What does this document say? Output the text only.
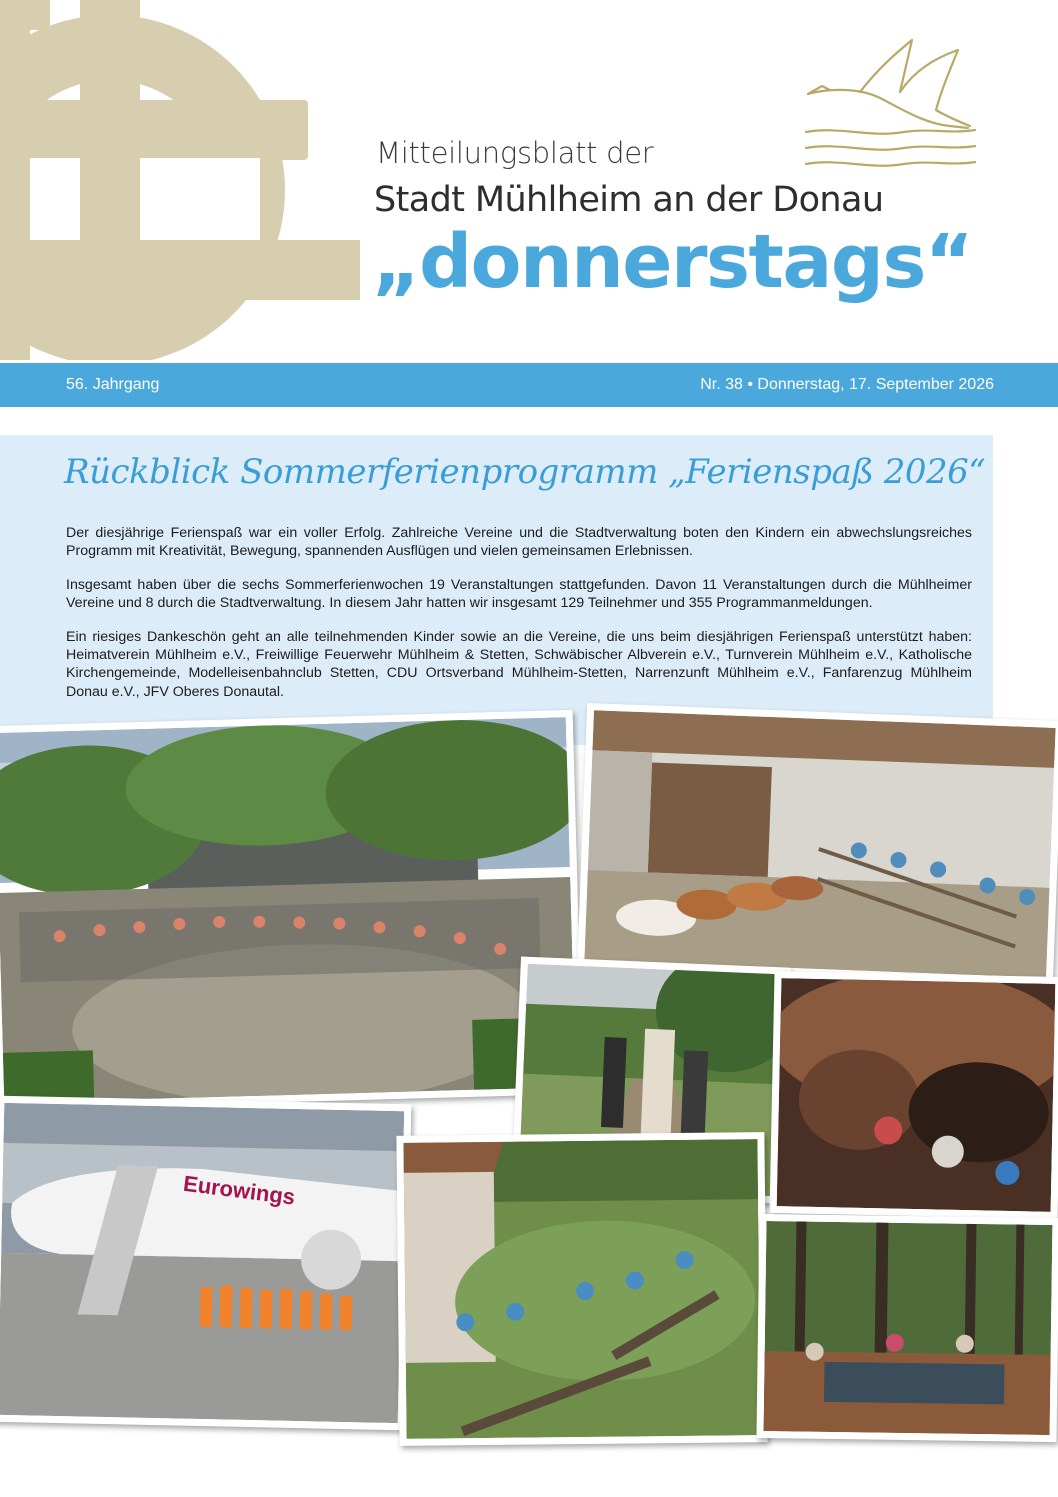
Mitteilungsblatt der
Stadt Mühlheim an der Donau
„donnerstags“
56. Jahrgang	Nr. 38 • Donnerstag, 17. September 2026
Rückblick Sommerferienprogramm „Ferienspaß 2026“

Der diesjährige Ferienspaß war ein voller Erfolg. Zahlreiche Vereine und die Stadtverwaltung boten den Kindern ein abwechslungsreiches Programm mit Kreativität, Bewegung, spannenden Ausflügen und vielen gemeinsamen Erlebnissen.

Insgesamt haben über die sechs Sommerferienwochen 19 Veranstaltungen stattgefunden. Davon 11 Veranstaltungen durch die Mühlheimer Vereine und 8 durch die Stadtverwaltung. In diesem Jahr hatten wir insgesamt 129 Teilnehmer und 355 Programmanmeldungen.

Ein riesiges Dankeschön geht an alle teilnehmenden Kinder sowie an die Vereine, die uns beim diesjährigen Ferienspaß unterstützt haben: Heimatverein Mühlheim e.V., Freiwillige Feuerwehr Mühlheim & Stetten, Schwäbischer Albverein e.V., Turnverein Mühlheim e.V., Katholische Kirchengemeinde, Modelleisenbahnclub Stetten, CDU Ortsverband Mühlheim-Stetten, Narrenzunft Mühlheim e.V., Fanfarenzug Mühlheim Donau e.V., JFV Oberes Donautal.

Eurowings
